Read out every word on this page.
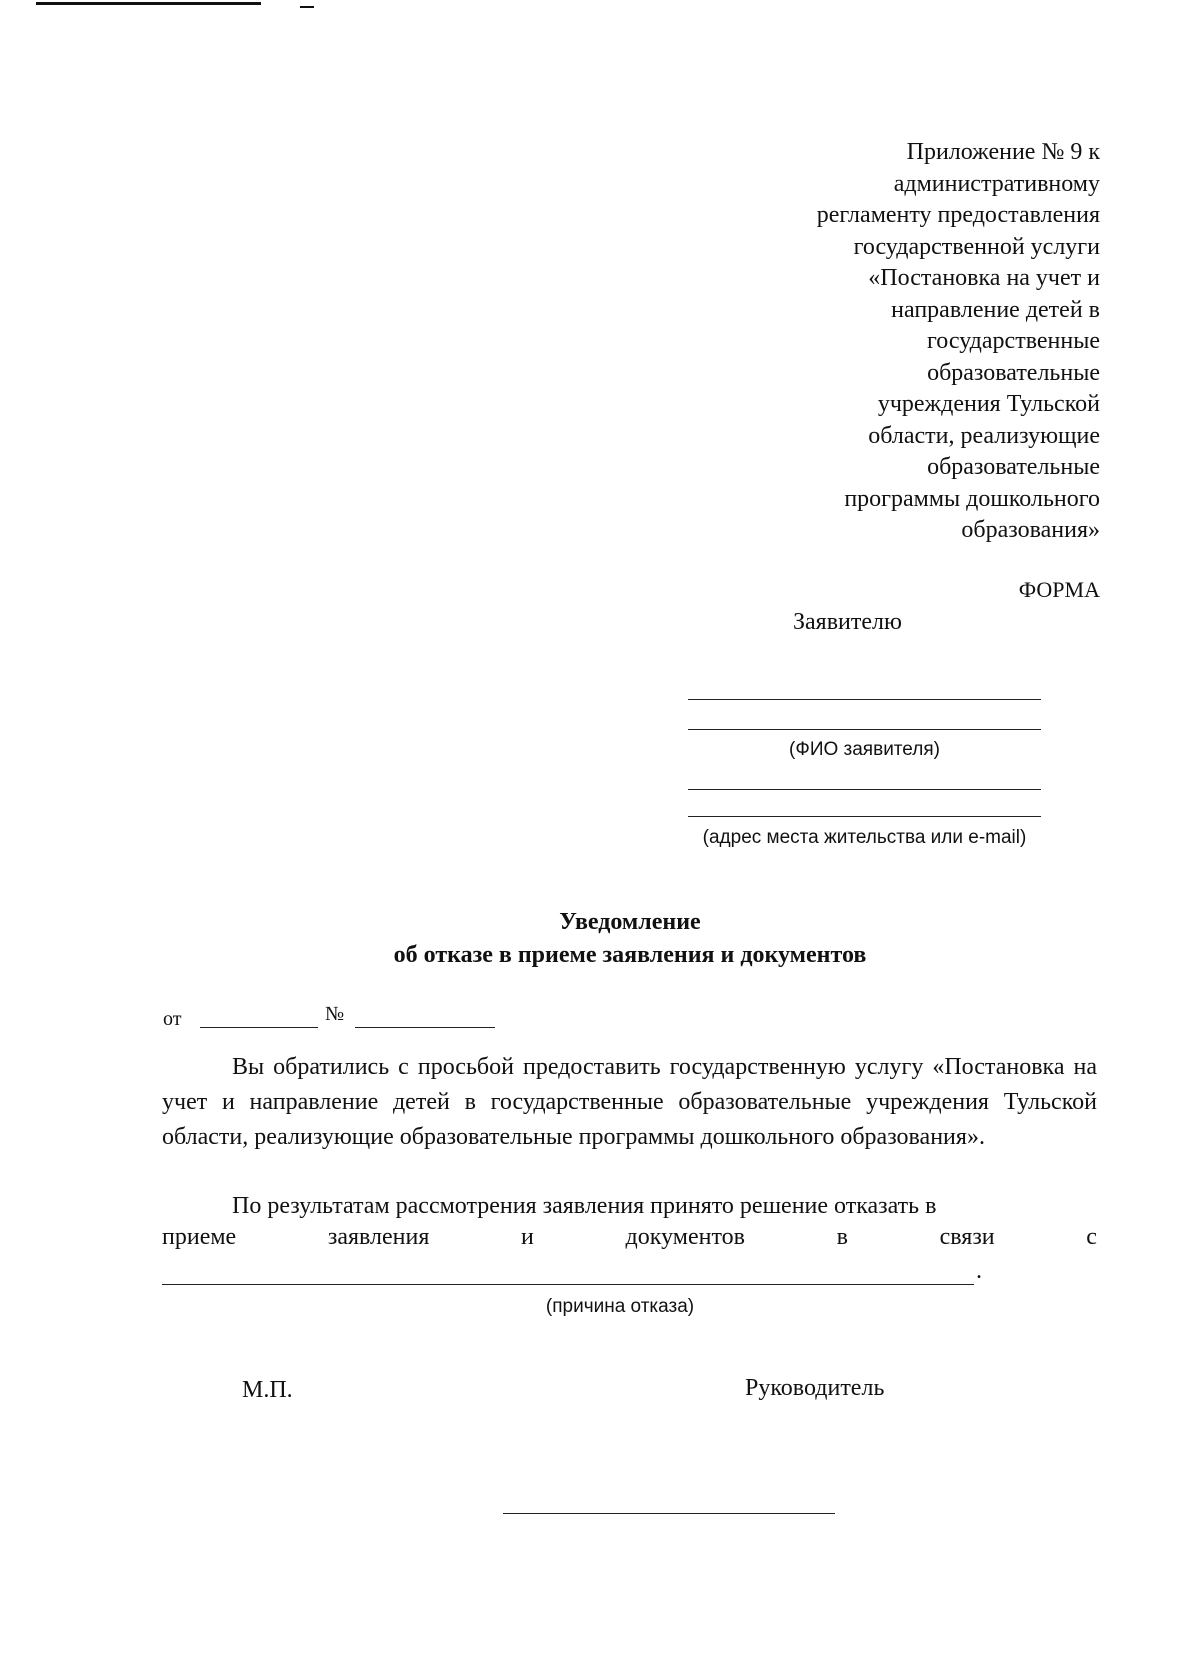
Приложение № 9 к
административному
регламенту предоставления
государственной услуги
«Постановка на учет и
направление детей в
государственные
образовательные
учреждения Тульской
области, реализующие
образовательные
программы дошкольного
образования»
ФОРМА
Заявителю
(ФИО заявителя)
(адрес места жительства или e-mail)
Уведомление
об отказе в приеме заявления и документов
от	№
Вы обратились с просьбой предоставить государственную услугу «Постановка на учет и направление детей в государственные образовательные учреждения Тульской области, реализующие образовательные программы дошкольного образования».
По результатам рассмотрения заявления принято решение отказать в
приеме	заявления	и	документов	в	связи	с
.
(причина отказа)
М.П.	Руководитель
